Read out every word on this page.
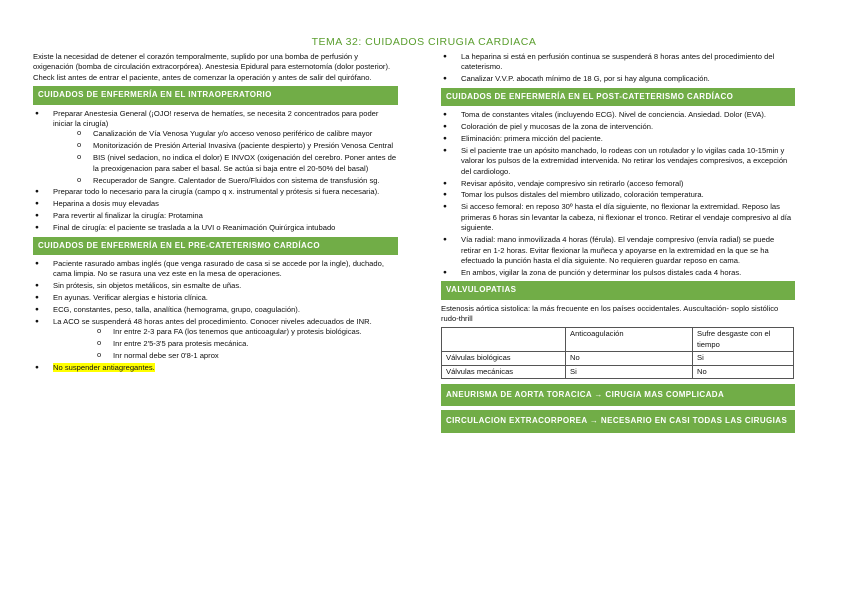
TEMA 32: CUIDADOS CIRUGIA CARDIACA

Existe la necesidad de detener el corazón temporalmente, suplido por una bomba de perfusión y oxigenación (bomba de circulación extracorpórea). Anestesia Epidural para esternotomía (dolor posterior). Check list antes de entrar el paciente, antes de comenzar la operación y antes de salir del quirófano.

CUIDADOS DE ENFERMERÍA EN EL INTRAOPERATORIO
● Preparar Anestesia General (¡OJO! reserva de hematíes, se necesita 2 concentrados para poder iniciar la cirugía)
o Canalización de Vía Venosa Yugular y/o acceso venoso periférico de calibre mayor
o Monitorización de Presión Arterial Invasiva (paciente despierto) y Presión Venosa Central
o BIS (nivel sedacion, no indica el dolor) E INVOX (oxigenación del cerebro. Poner antes de la preoxigenacion para saber el basal. Se actúa si baja entre el 20-50% del basal)
o Recuperador de Sangre. Calentador de Suero/Fluidos con sistema de transfusión sg.
● Preparar todo lo necesario para la cirugía (campo q x. instrumental y prótesis si fuera necesaria).
● Heparina a dosis muy elevadas
● Para revertir al finalizar la cirugía: Protamina
● Final de cirugía: el paciente se traslada a la UVI o Reanimación Quirúrgica intubado
CUIDADOS DE ENFERMERÍA EN EL PRE-CATETERISMO CARDÍACO
● Paciente rasurado ambas inglés (que venga rasurado de casa si se accede por la ingle), duchado, cama limpia. No se rasura una vez este en la mesa de operaciones.
● Sin prótesis, sin objetos metálicos, sin esmalte de uñas.
● En ayunas. Verificar alergias e historia clínica.
● ECG, constantes, peso, talla, analítica (hemograma, grupo, coagulación).
● La ACO se suspenderá 48 horas antes del procedimiento. Conocer niveles adecuados de INR.
o Inr entre 2-3 para FA (los tenemos que anticoagular) y protesis biológicas.
o Inr entre 2'5-3'5 para protesis mecánica.
o Inr normal debe ser 0'8-1 aprox
● No suspender antiagregantes.
● La heparina si está en perfusión continua se suspenderá 8 horas antes del procedimiento del cateterismo.
● Canalizar V.V.P. abocath mínimo de 18 G, por si hay alguna complicación.
CUIDADOS DE ENFERMERÍA EN EL POST-CATETERISMO CARDÍACO
● Toma de constantes vitales (incluyendo ECG). Nivel de conciencia. Ansiedad. Dolor (EVA).
● Coloración de piel y mucosas de la zona de intervención.
● Eliminación: primera micción del paciente.
● Si el paciente trae un apósito manchado, lo rodeas con un rotulador y lo vigilas cada 10-15min y valorar los pulsos de la extremidad intervenida. No retirar los vendajes compresivos, a excepción del cardiologo.
● Revisar apósito, vendaje compresivo sin retirarlo (acceso femoral)
● Tomar los pulsos distales del miembro utilizado, coloración temperatura.
● Si acceso femoral: en reposo 30º hasta el día siguiente, no flexionar la extremidad. Reposo las primeras 6 horas sin levantar la cabeza, ni flexionar el tronco. Retirar el vendaje compresivo al día siguiente.
● Vía radial: mano inmovilizada 4 horas (férula). El vendaje compresivo (envía radial) se puede retirar en 1-2 horas. Evitar flexionar la muñeca y apoyarse en la extremidad en la que se ha efectuado la punción hasta el día siguiente. No requieren guardar reposo en cama.
● En ambos, vigilar la zona de punción y determinar los pulsos distales cada 4 horas.
VALVULOPATIAS

Estenosis aórtica sistolica: la más frecuente en los países occidentales. Auscultación- soplo sistólico rudo-thrill

	Anticoagulación	Sufre desgaste con el tiempo
Válvulas biológicas	No	Si
Válvulas mecánicas	Si	No
ANEURISMA DE AORTA TORACICA → CIRUGIA MAS COMPLICADA
CIRCULACION EXTRACORPOREA → NECESARIO EN CASI TODAS LAS CIRUGIAS
